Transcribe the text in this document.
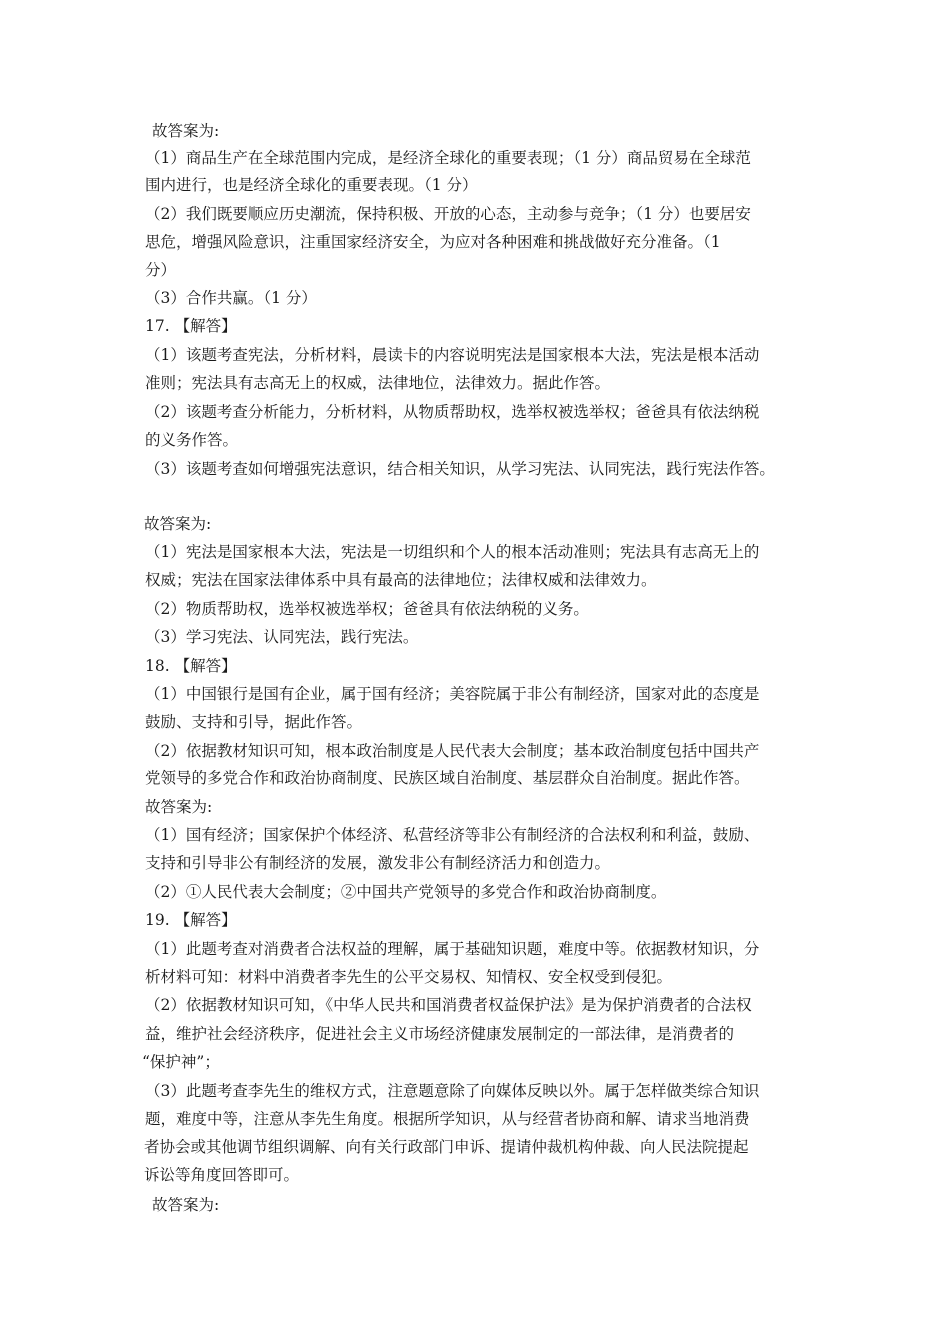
故答案为:
（1）商品生产在全球范围内完成，是经济全球化的重要表现；（1 分）商品贸易在全球范
围内进行，也是经济全球化的重要表现。（1 分）
（2）我们既要顺应历史潮流，保持积极、开放的心态，主动参与竞争；（1 分）也要居安
思危，增强风险意识，注重国家经济安全，为应对各种困难和挑战做好充分准备。（1
分）
（3）合作共赢。（1 分）
17. 【解答】
（1）该题考查宪法，分析材料，晨读卡的内容说明宪法是国家根本大法，宪法是根本活动
准则；宪法具有志高无上的权威，法律地位，法律效力。据此作答。
（2）该题考查分析能力，分析材料，从物质帮助权，选举权被选举权；爸爸具有依法纳税
的义务作答。
（3）该题考查如何增强宪法意识，结合相关知识，从学习宪法、认同宪法，践行宪法作答。
故答案为:
（1）宪法是国家根本大法，宪法是一切组织和个人的根本活动准则；宪法具有志高无上的
权威；宪法在国家法律体系中具有最高的法律地位；法律权威和法律效力。
（2）物质帮助权，选举权被选举权；爸爸具有依法纳税的义务。
（3）学习宪法、认同宪法，践行宪法。
18. 【解答】
（1）中国银行是国有企业，属于国有经济；美容院属于非公有制经济，国家对此的态度是
鼓励、支持和引导，据此作答。
（2）依据教材知识可知，根本政治制度是人民代表大会制度；基本政治制度包括中国共产
党领导的多党合作和政治协商制度、民族区域自治制度、基层群众自治制度。据此作答。
故答案为:
（1）国有经济；国家保护个体经济、私营经济等非公有制经济的合法权利和利益，鼓励、
支持和引导非公有制经济的发展，激发非公有制经济活力和创造力。
（2）①人民代表大会制度；②中国共产党领导的多党合作和政治协商制度。
19. 【解答】
（1）此题考查对消费者合法权益的理解，属于基础知识题，难度中等。依据教材知识，分
析材料可知：材料中消费者李先生的公平交易权、知情权、安全权受到侵犯。
（2）依据教材知识可知，《中华人民共和国消费者权益保护法》是为保护消费者的合法权
益，维护社会经济秩序，促进社会主义市场经济健康发展制定的一部法律，是消费者的
“保护神”；
（3）此题考查李先生的维权方式，注意题意除了向媒体反映以外。属于怎样做类综合知识
题，难度中等，注意从李先生角度。根据所学知识，从与经营者协商和解、请求当地消费
者协会或其他调节组织调解、向有关行政部门申诉、提请仲裁机构仲裁、向人民法院提起
诉讼等角度回答即可。
故答案为:
